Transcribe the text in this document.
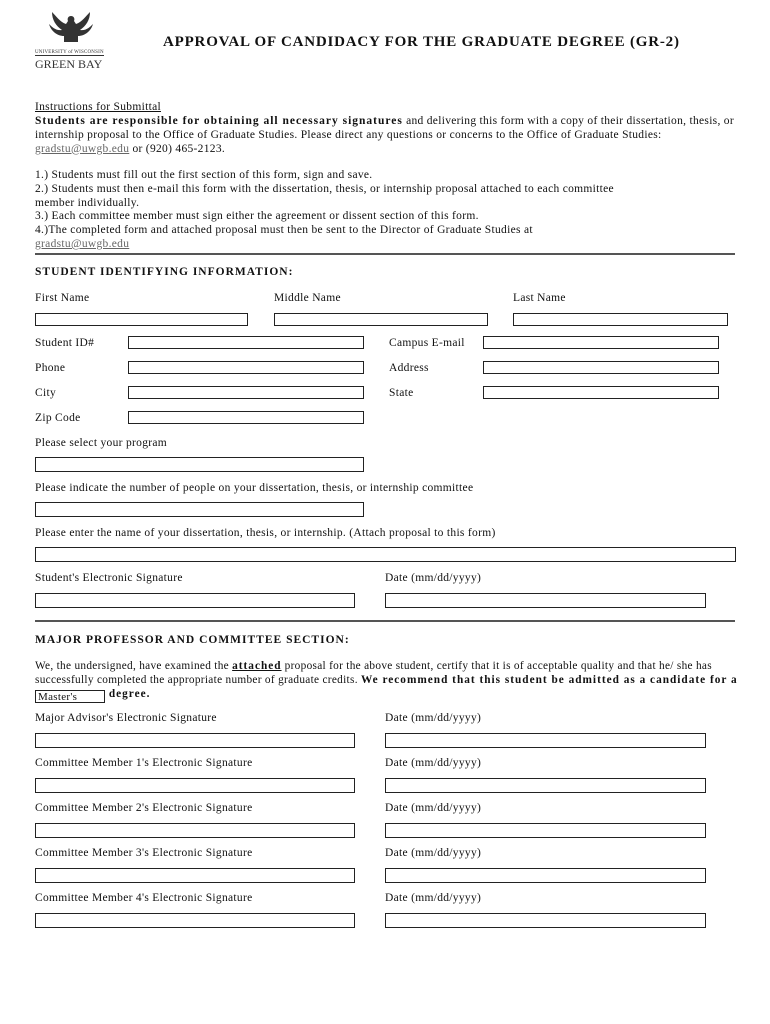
UNIVERSITY of WISCONSIN
GREEN BAY
APPROVAL OF CANDIDACY FOR THE GRADUATE DEGREE (GR-2)
Instructions for Submittal
Students are responsible for obtaining all necessary signatures and delivering this form with a copy of their dissertation, thesis, or internship proposal to the Office of Graduate Studies. Please direct any questions or concerns to the Office of Graduate Studies: gradstu@uwgb.edu or (920) 465-2123.
1.) Students must fill out the first section of this form, sign and save.
2.) Students must then e-mail this form with the dissertation, thesis, or internship proposal attached to each committee member individually.
3.) Each committee member must sign either the agreement or dissent section of this form.
4.)The completed form and attached proposal must then be sent to the Director of Graduate Studies at
gradstu@uwgb.edu
STUDENT IDENTIFYING INFORMATION:
First Name	Middle Name	Last Name
Student ID#	Campus E-mail
Phone	Address
City	State
Zip Code
Please select your program
Please indicate the number of people on your dissertation, thesis, or internship committee
Please enter the name of your dissertation, thesis, or internship. (Attach proposal to this form)
Student's Electronic Signature	Date (mm/dd/yyyy)
MAJOR PROFESSOR AND COMMITTEE SECTION:
We, the undersigned, have examined the attached proposal for the above student, certify that it is of acceptable quality and that he/ she has successfully completed the appropriate number of graduate credits. We recommend that this student be admitted as a candidate for a Master's degree.
Major Advisor's Electronic Signature	Date (mm/dd/yyyy)
Committee Member 1's Electronic Signature	Date (mm/dd/yyyy)
Committee Member 2's Electronic Signature	Date (mm/dd/yyyy)
Committee Member 3's Electronic Signature	Date (mm/dd/yyyy)
Committee Member 4's Electronic Signature	Date (mm/dd/yyyy)
